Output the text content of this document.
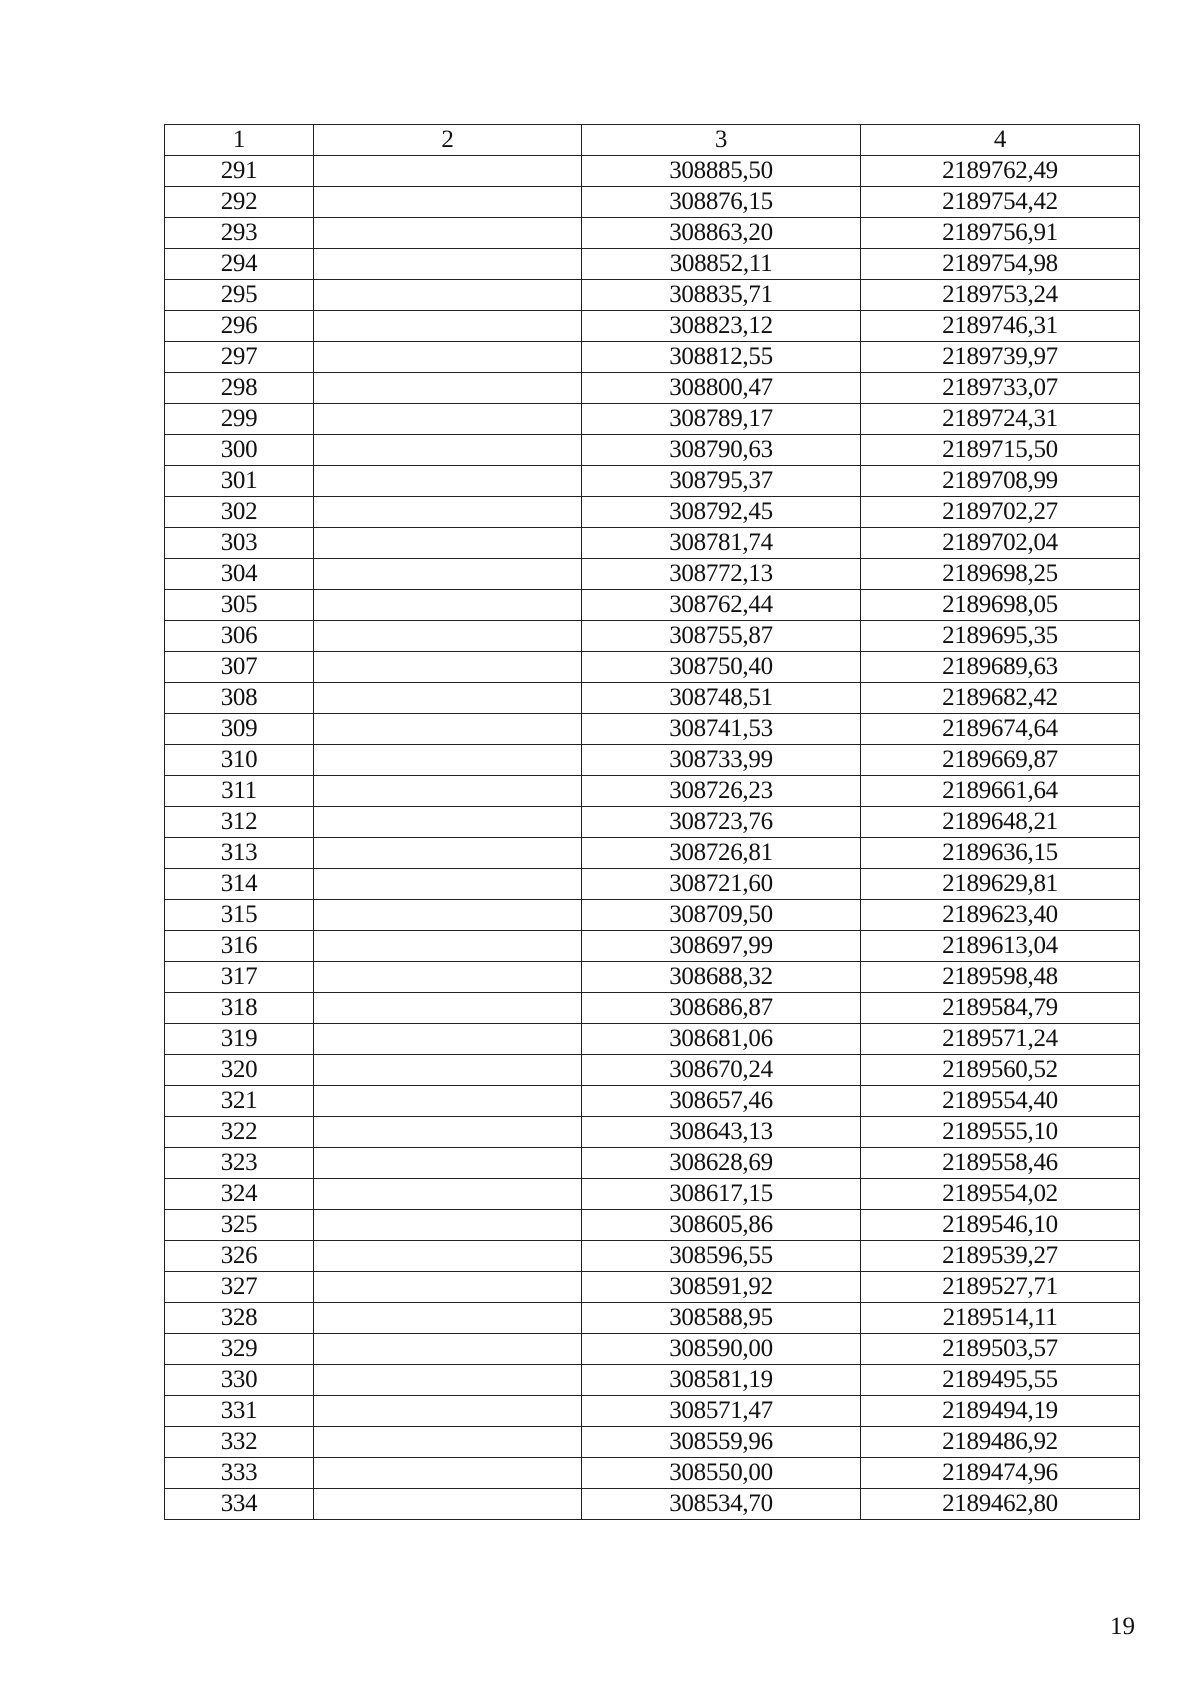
1	2	3	4
291		308885,50	2189762,49
292		308876,15	2189754,42
293		308863,20	2189756,91
294		308852,11	2189754,98
295		308835,71	2189753,24
296		308823,12	2189746,31
297		308812,55	2189739,97
298		308800,47	2189733,07
299		308789,17	2189724,31
300		308790,63	2189715,50
301		308795,37	2189708,99
302		308792,45	2189702,27
303		308781,74	2189702,04
304		308772,13	2189698,25
305		308762,44	2189698,05
306		308755,87	2189695,35
307		308750,40	2189689,63
308		308748,51	2189682,42
309		308741,53	2189674,64
310		308733,99	2189669,87
311		308726,23	2189661,64
312		308723,76	2189648,21
313		308726,81	2189636,15
314		308721,60	2189629,81
315		308709,50	2189623,40
316		308697,99	2189613,04
317		308688,32	2189598,48
318		308686,87	2189584,79
319		308681,06	2189571,24
320		308670,24	2189560,52
321		308657,46	2189554,40
322		308643,13	2189555,10
323		308628,69	2189558,46
324		308617,15	2189554,02
325		308605,86	2189546,10
326		308596,55	2189539,27
327		308591,92	2189527,71
328		308588,95	2189514,11
329		308590,00	2189503,57
330		308581,19	2189495,55
331		308571,47	2189494,19
332		308559,96	2189486,92
333		308550,00	2189474,96
334		308534,70	2189462,80
19
